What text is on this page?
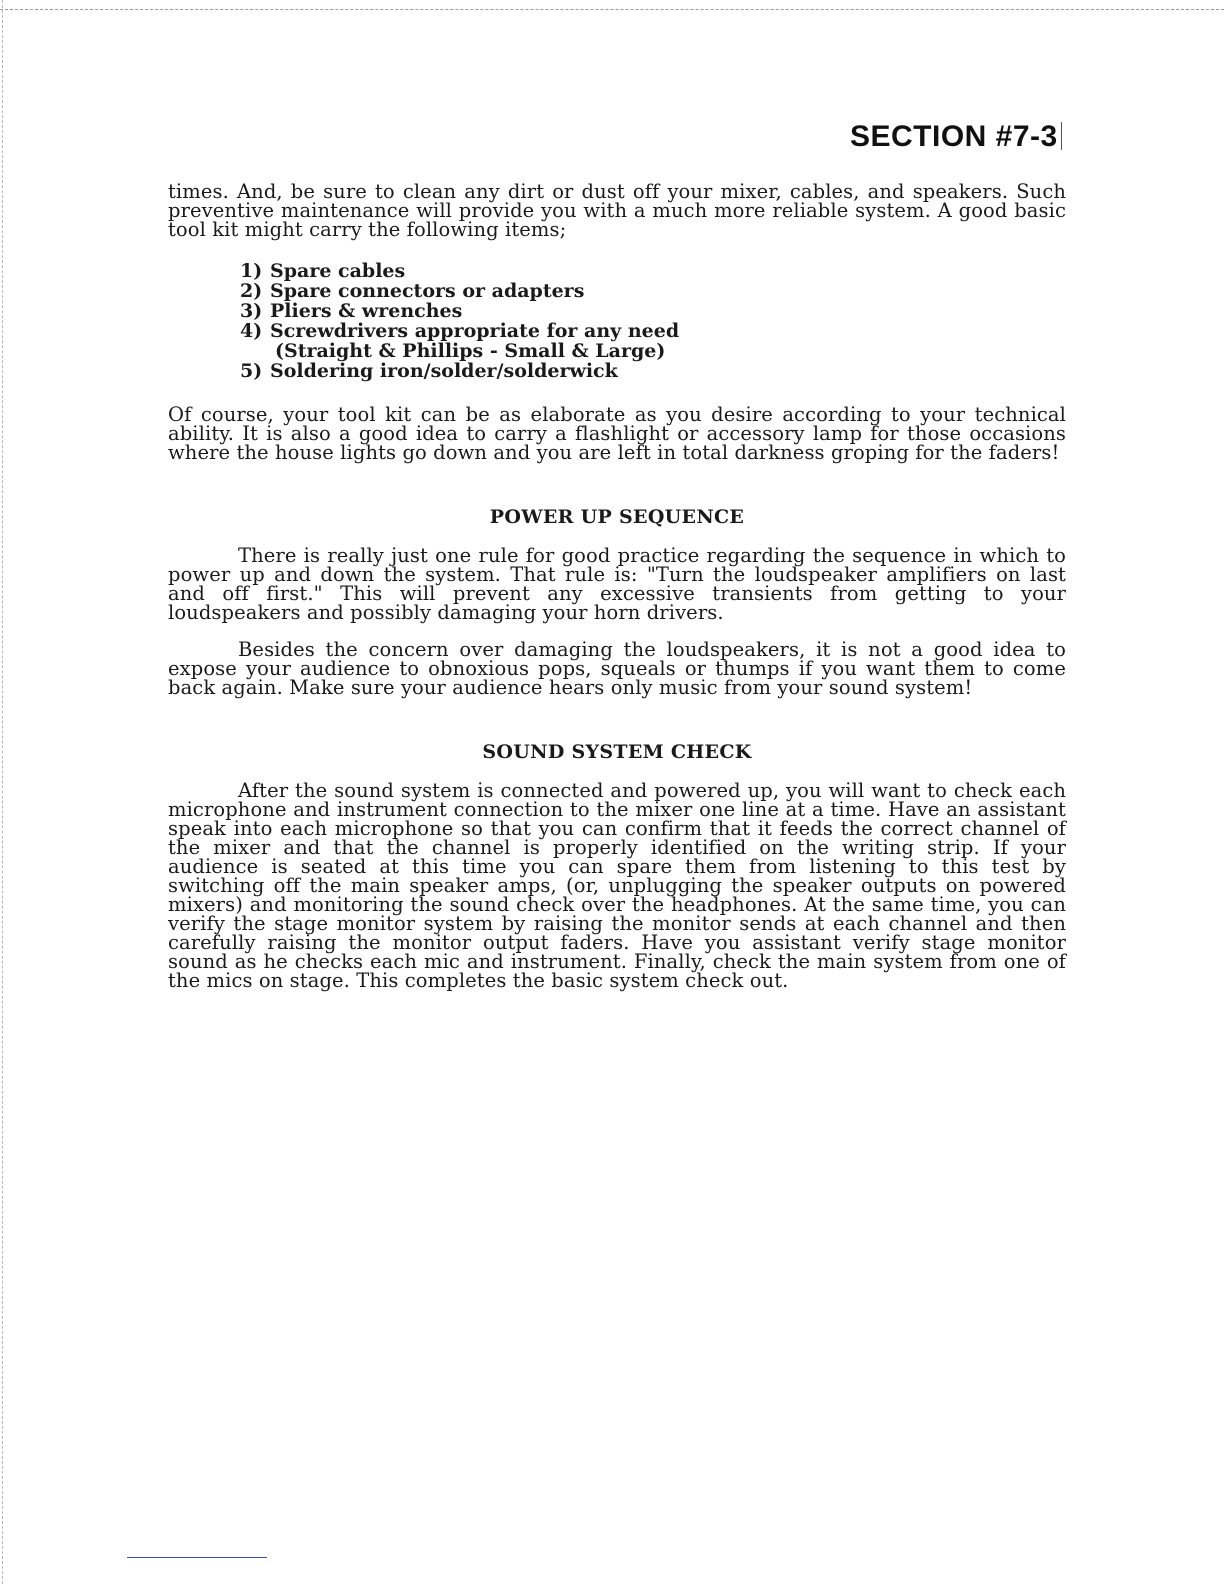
SECTION #7-3

times. And, be sure to clean any dirt or dust off your mixer, cables, and speakers. Such preventive maintenance will provide you with a much more reliable system. A good basic tool kit might carry the following items;

1) Spare cables
2) Spare connectors or adapters
3) Pliers & wrenches
4) Screwdrivers appropriate for any need
(Straight & Phillips - Small & Large)
5) Soldering iron/solder/solderwick

Of course, your tool kit can be as elaborate as you desire according to your technical ability. It is also a good idea to carry a flashlight or accessory lamp for those occasions where the house lights go down and you are left in total darkness groping for the faders!

POWER UP SEQUENCE

There is really just one rule for good practice regarding the sequence in which to power up and down the system. That rule is: "Turn the loudspeaker amplifiers on last and off first." This will prevent any excessive transients from getting to your loudspeakers and possibly damaging your horn drivers.

Besides the concern over damaging the loudspeakers, it is not a good idea to expose your audience to obnoxious pops, squeals or thumps if you want them to come back again. Make sure your audience hears only music from your sound system!

SOUND SYSTEM CHECK

After the sound system is connected and powered up, you will want to check each microphone and instrument connection to the mixer one line at a time. Have an assistant speak into each microphone so that you can confirm that it feeds the correct channel of the mixer and that the channel is properly identified on the writing strip. If your audience is seated at this time you can spare them from listening to this test by switching off the main speaker amps, (or, unplugging the speaker outputs on powered mixers) and monitoring the sound check over the headphones. At the same time, you can verify the stage monitor system by raising the monitor sends at each channel and then carefully raising the monitor output faders. Have you assistant verify stage monitor sound as he checks each mic and instrument. Finally, check the main system from one of the mics on stage. This completes the basic system check out.
